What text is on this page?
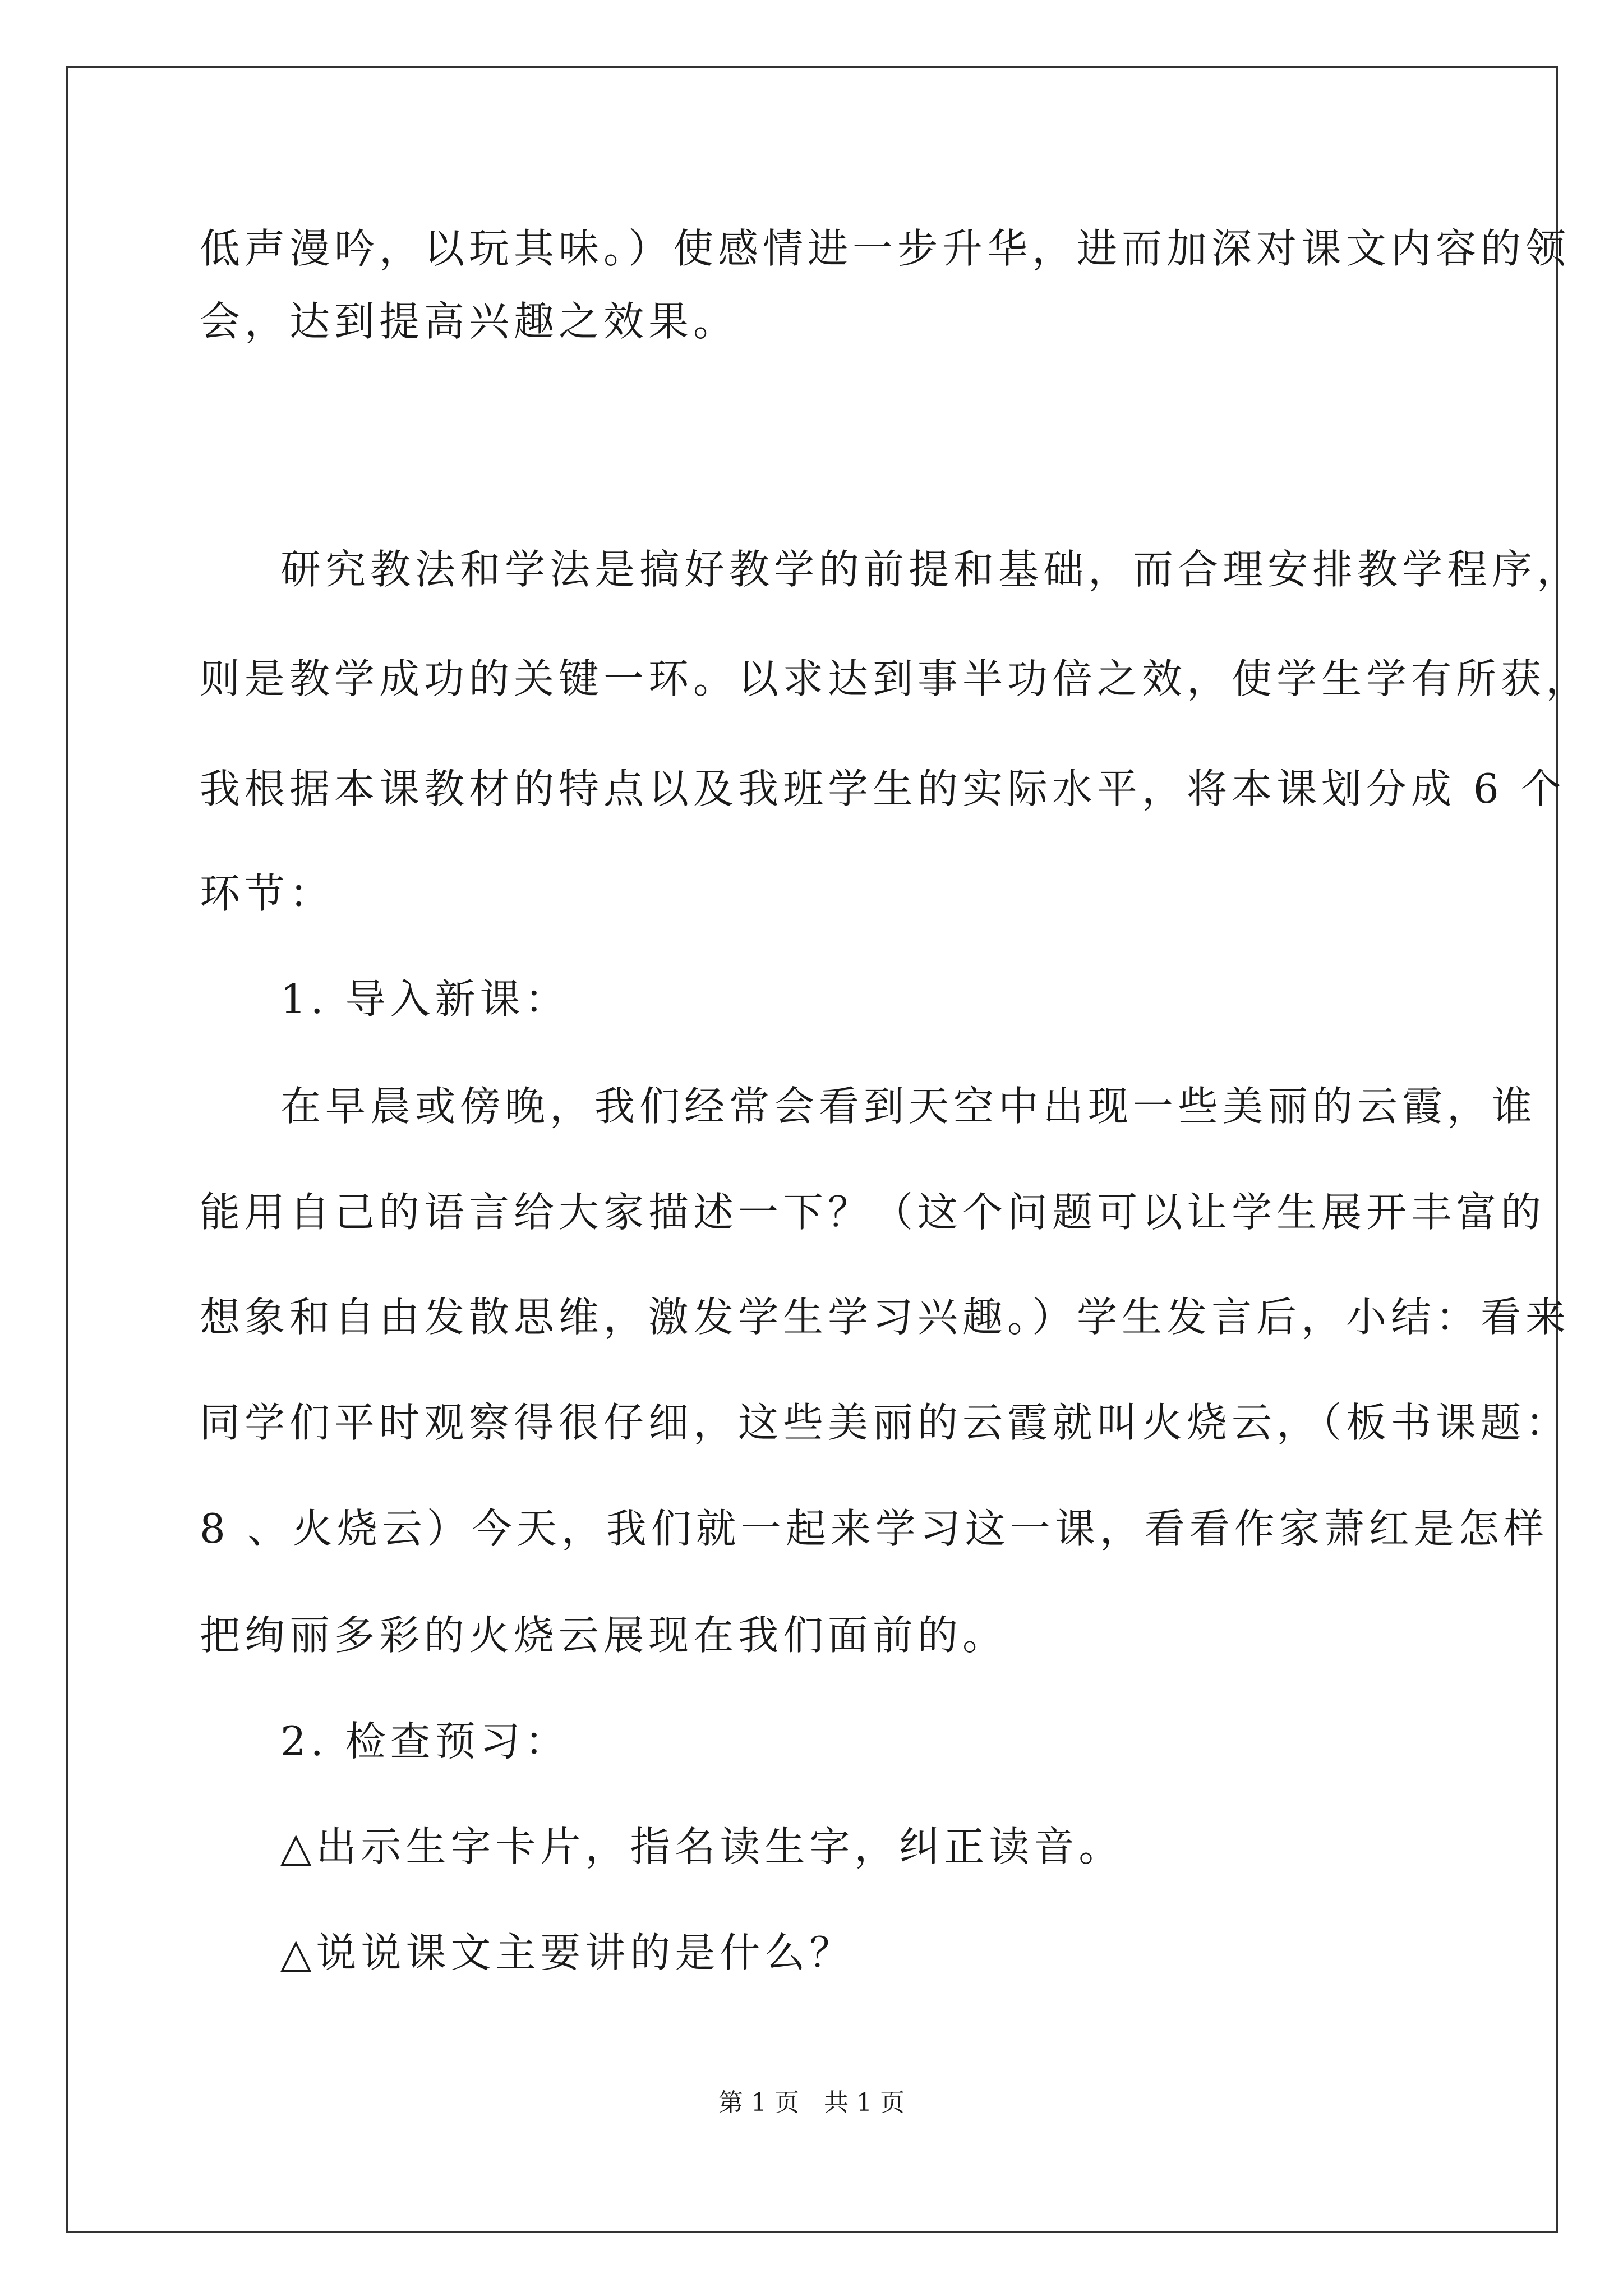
低声漫吟，以玩其味。）使感情进一步升华，进而加深对课文内容的领
会，达到提高兴趣之效果。
研究教法和学法是搞好教学的前提和基础，而合理安排教学程序，
则是教学成功的关键一环。以求达到事半功倍之效，使学生学有所获，
我根据本课教材的特点以及我班学生的实际水平，将本课划分成 6 个
环节：
1. 导入新课：
在早晨或傍晚，我们经常会看到天空中出现一些美丽的云霞，谁
能用自己的语言给大家描述一下？（这个问题可以让学生展开丰富的
想象和自由发散思维，激发学生学习兴趣。）学生发言后，小结：看来
同学们平时观察得很仔细，这些美丽的云霞就叫火烧云，（板书课题：
8 、火烧云）今天，我们就一起来学习这一课，看看作家萧红是怎样
把绚丽多彩的火烧云展现在我们面前的。
2. 检查预习：
△出示生字卡片，指名读生字，纠正读音。
△说说课文主要讲的是什么？
第 1 页　共 1 页
